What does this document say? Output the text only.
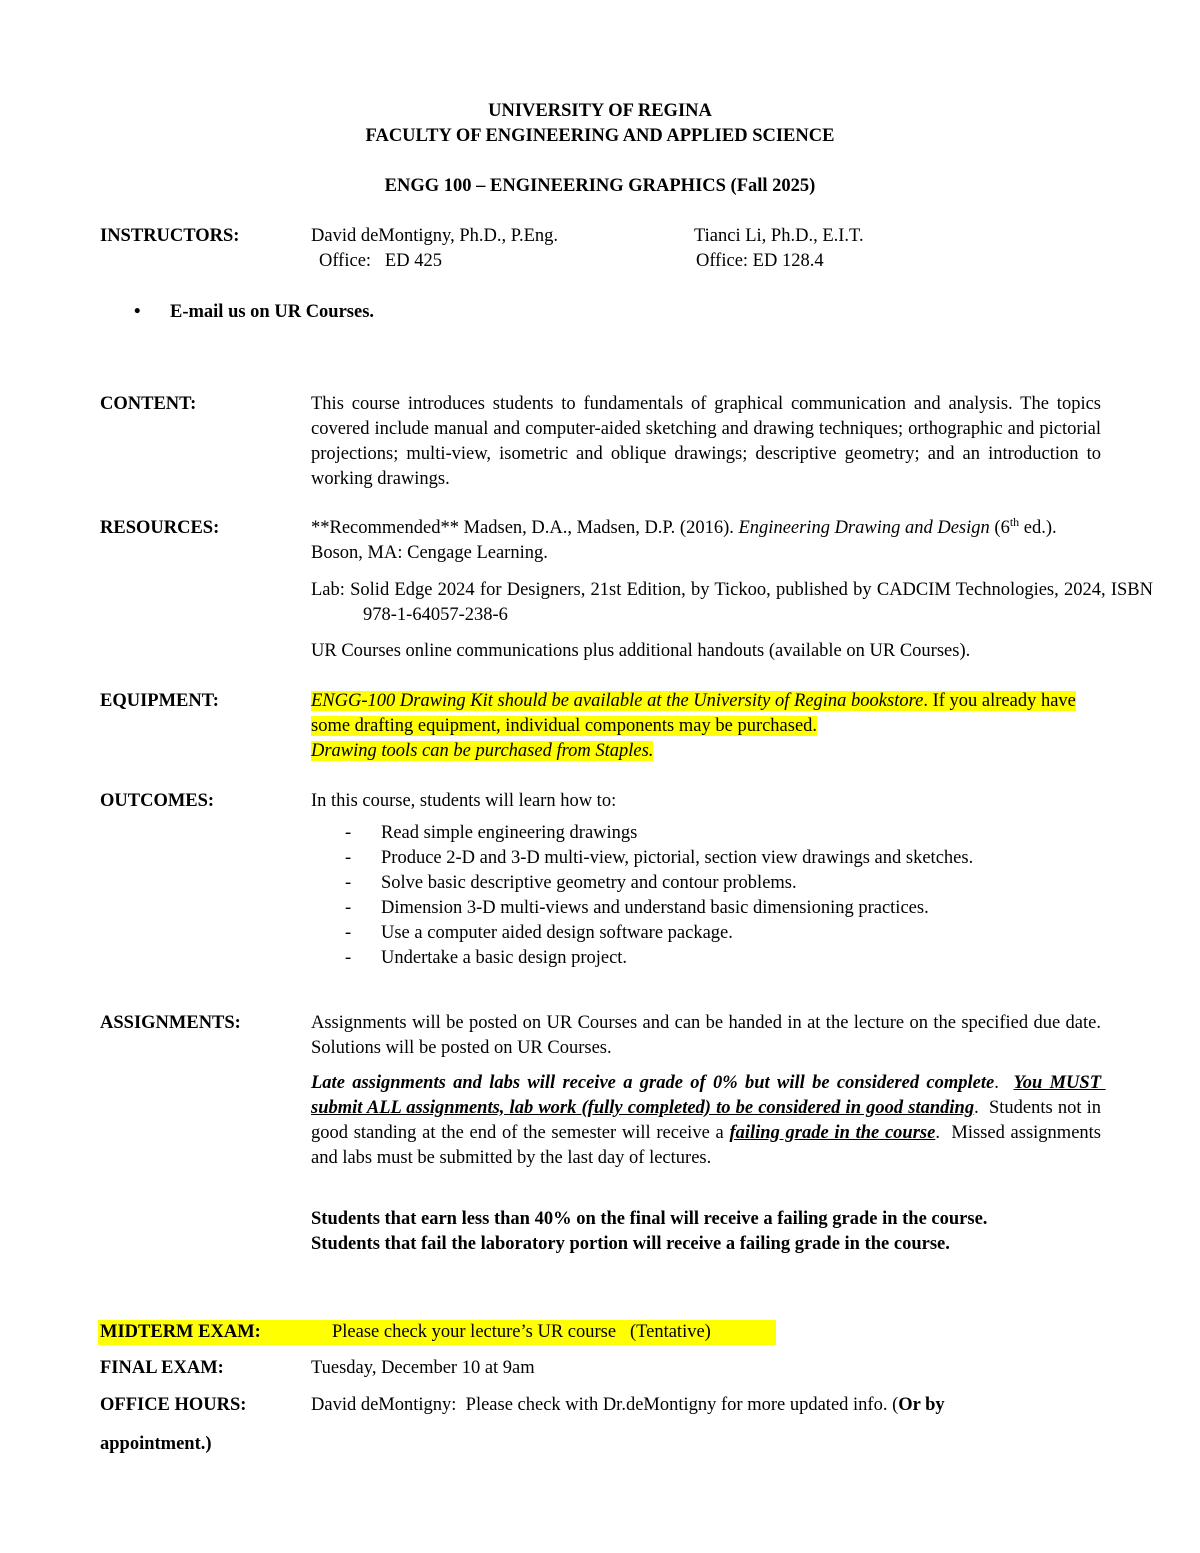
UNIVERSITY OF REGINA
FACULTY OF ENGINEERING AND APPLIED SCIENCE
ENGG 100 – ENGINEERING GRAPHICS (Fall 2025)
INSTRUCTORS:	David deMontigny, Ph.D., P.Eng.
Office:   ED 425
Tianci Li, Ph.D., E.I.T.
Office: ED 128.4
• E-mail us on UR Courses.
CONTENT:	This course introduces students to fundamentals of graphical communication and analysis. The topics covered include manual and computer-aided sketching and drawing techniques; orthographic and pictorial projections; multi-view, isometric and oblique drawings; descriptive geometry; and an introduction to working drawings.

RESOURCES:	**Recommended** Madsen, D.A., Madsen, D.P. (2016). Engineering Drawing and Design (6th ed.). Boson, MA: Cengage Learning.

Lab: Solid Edge 2024 for Designers, 21st Edition, by Tickoo, published by CADCIM Technologies, 2024, ISBN 978-1-64057-238-6

UR Courses online communications plus additional handouts (available on UR Courses).

EQUIPMENT:	ENGG-100 Drawing Kit should be available at the University of Regina bookstore. If you already have some drafting equipment, individual components may be purchased.
Drawing tools can be purchased from Staples.

OUTCOMES:	In this course, students will learn how to:

- Read simple engineering drawings
- Produce 2-D and 3-D multi-view, pictorial, section view drawings and sketches.
- Solve basic descriptive geometry and contour problems.
- Dimension 3-D multi-views and understand basic dimensioning practices.
- Use a computer aided design software package.
- Undertake a basic design project.
ASSIGNMENTS:	Assignments will be posted on UR Courses and can be handed in at the lecture on the specified due date. Solutions will be posted on UR Courses.

Late assignments and labs will receive a grade of 0% but will be considered complete.  You MUST submit ALL assignments, lab work (fully completed) to be considered in good standing.  Students not in good standing at the end of the semester will receive a failing grade in the course.  Missed assignments and labs must be submitted by the last day of lectures.

Students that earn less than 40% on the final will receive a failing grade in the course.

Students that fail the laboratory portion will receive a failing grade in the course.

MIDTERM EXAM:	Please check your lecture’s UR course   (Tentative)
FINAL EXAM:	Tuesday, December 10 at 9am
OFFICE HOURS:	David deMontigny:  Please check with Dr.deMontigny for more updated info. (Or by
appointment.)
